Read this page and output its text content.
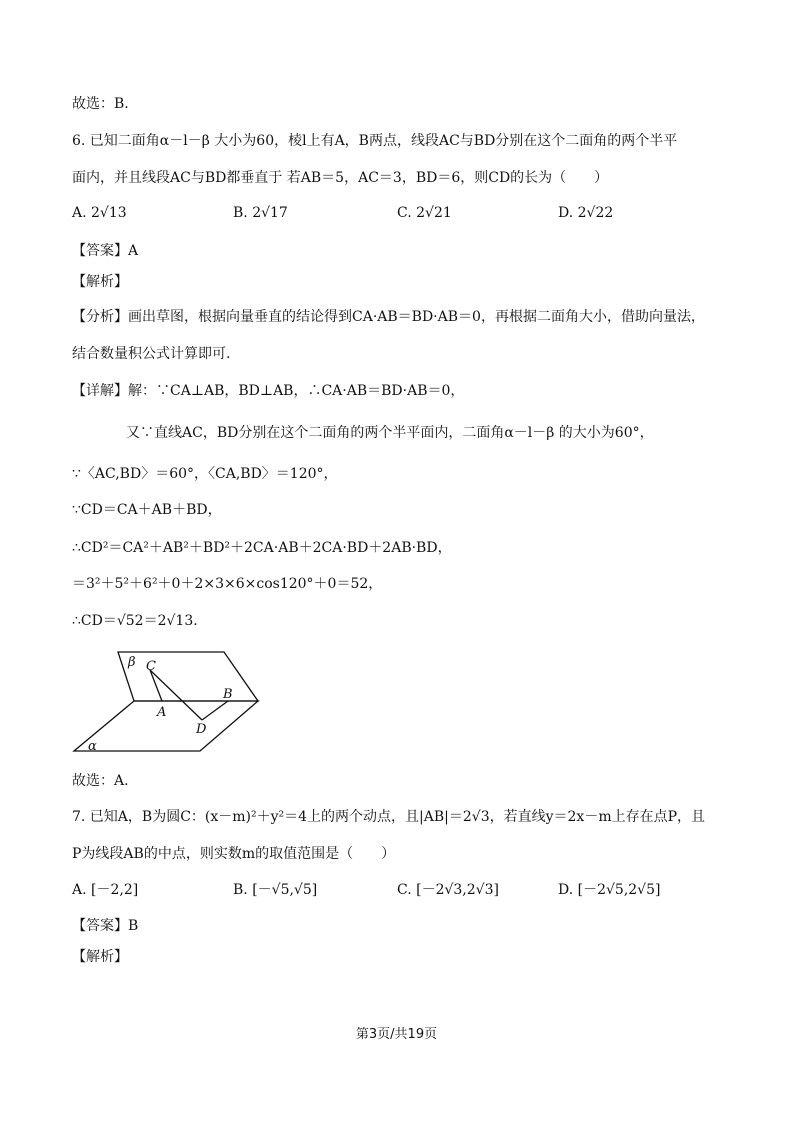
故选：B.
6. 已知二面角α－l－β 大小为60，棱l上有A，B两点，线段AC与BD分别在这个二面角的两个半平
面内，并且线段AC与BD都垂直于 若AB＝5，AC＝3，BD＝6，则CD的长为（　　）
A. 2√13	B. 2√17	C. 2√21	D. 2√22
【答案】A
【解析】
【分析】画出草图，根据向量垂直的结论得到CA·AB＝BD·AB＝0，再根据二面角大小，借助向量法，
结合数量积公式计算即可.
【详解】解：∵CA⊥AB，BD⊥AB，∴CA·AB＝BD·AB＝0，
又∵直线AC，BD分别在这个二面角的两个半平面内，二面角α－l－β 的大小为60°，
∵〈AC,BD〉＝60°，〈CA,BD〉＝120°，
∵CD＝CA＋AB＋BD，
∴CD²＝CA²＋AB²＋BD²＋2CA·AB＋2CA·BD＋2AB·BD，
＝3²＋5²＋6²＋0＋2×3×6×cos120°＋0＝52，
∴CD＝√52＝2√13.
β
α
C
A
B
D
故选：A.
7. 已知A，B为圆C：(x－m)²＋y²＝4上的两个动点，且|AB|＝2√3，若直线y＝2x－m上存在点P，且
P为线段AB的中点，则实数m的取值范围是（　　）
A. [－2,2]	B. [－√5,√5]	C. [－2√3,2√3]	D. [－2√5,2√5]
【答案】B
【解析】
第3页/共19页
